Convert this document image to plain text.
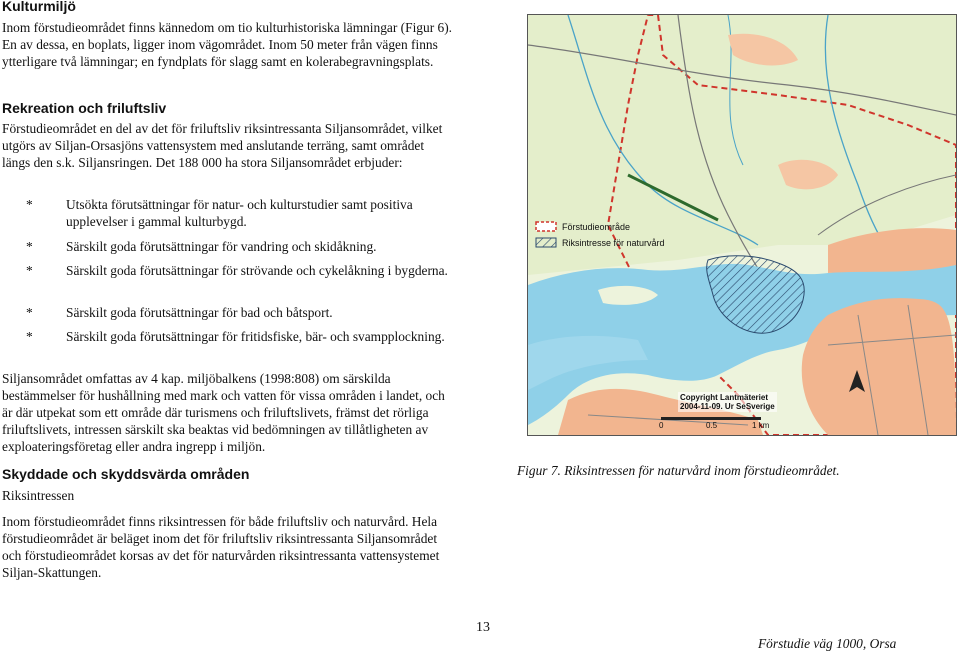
Kulturmiljö
Inom förstudieområdet finns kännedom om tio kulturhistoriska lämningar (Figur 6). En av dessa, en boplats, ligger inom vägområdet. Inom 50 meter från vägen finns ytterligare två lämningar; en fyndplats för slagg samt en kolerabegravningsplats.
Rekreation och friluftsliv
Förstudieområdet en del av det för friluftsliv riksintressanta Siljansområdet, vilket utgörs av Siljan-Orsasjöns vattensystem med anslutande terräng, samt området längs den s.k. Siljansringen. Det 188 000 ha stora Siljansområdet erbjuder:
* Utsökta förutsättningar för natur- och kulturstudier samt positiva upplevelser i gammal kulturbygd.
* Särskilt goda förutsättningar för vandring och skidåkning.
* Särskilt goda förutsättningar för strövande och cykelåkning i bygderna.
* Särskilt goda förutsättningar för bad och båtsport.
* Särskilt goda förutsättningar för fritidsfiske, bär- och svampplockning.
Siljansområdet omfattas av 4 kap. miljöbalkens (1998:808) om särskilda bestämmelser för hushållning med mark och vatten för vissa områden i landet, och är där utpekat som ett område där turismens och friluftslivets, främst det rörliga friluftslivets, intressen särskilt ska beaktas vid bedömningen av tillåtligheten av exploateringsföretag eller andra ingrepp i miljön.
Skyddade och skyddsvärda områden
Riksintressen
Inom förstudieområdet finns riksintressen för både friluftsliv och naturvård. Hela förstudieområdet är beläget inom det för friluftsliv riksintressanta Siljansområdet och förstudieområdet korsas av det för naturvården riksintressanta vattensystemet Siljan-Skattungen.
Förstudieområde
Riksintresse för naturvård
Copyright Lantmäteriet
2004-11-09. Ur SeSverige
0	0.5	1 km
Figur 7. Riksintressen för naturvård inom förstudieområdet.
13
Förstudie väg 1000, Orsa
